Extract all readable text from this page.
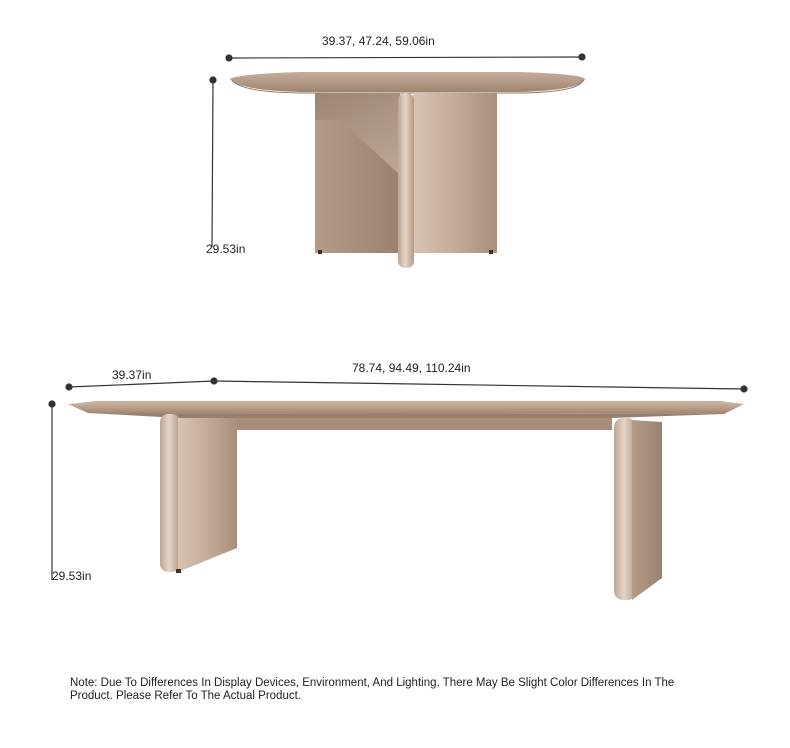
39.37, 47.24, 59.06in
29.53in
39.37in	78.74, 94.49, 110.24in
29.53in
Note: Due To Differences In Display Devices, Environment, And Lighting, There May Be Slight Color Differences In The Product. Please Refer To The Actual Product.
